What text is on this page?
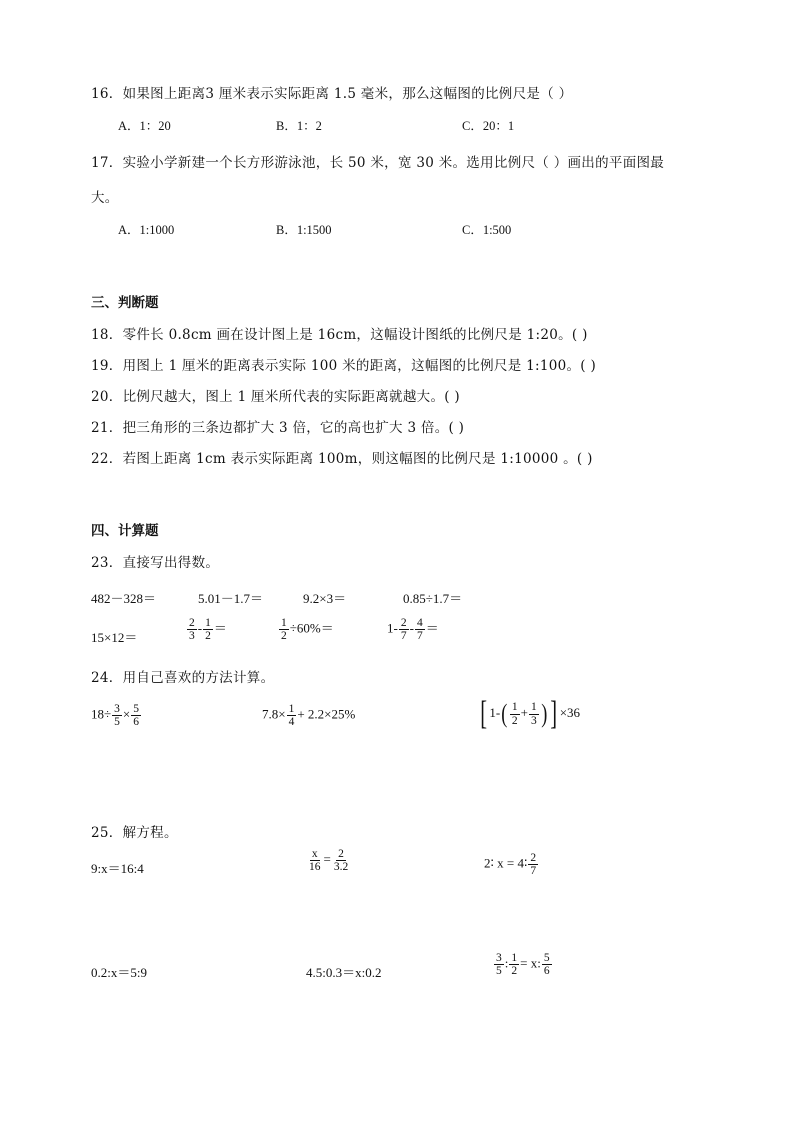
16．如果图上距离3 厘米表示实际距离 1.5 毫米，那么这幅图的比例尺是（ ）
A．1：20	B．1：2	C．20：1
17．实验小学新建一个长方形游泳池，长 50 米，宽 30 米。选用比例尺（ ）画出的平面图最
大。
A．1:1000	B．1:1500	C．1:500
三、判断题
18．零件长 0.8cm 画在设计图上是 16cm，这幅设计图纸的比例尺是 1:20。( )
19．用图上 1 厘米的距离表示实际 100 米的距离，这幅图的比例尺是 1:100。( )
20．比例尺越大，图上 1 厘米所代表的实际距离就越大。( )
21．把三角形的三条边都扩大 3 倍，它的高也扩大 3 倍。( )
22．若图上距离 1cm 表示实际距离 100m，则这幅图的比例尺是 1:10000 。( )
四、计算题
23．直接写出得数。
482－328＝	5.01－1.7＝	9.2×3＝	0.85÷1.7＝
15×12＝	$\frac{2}{3} - \frac{1}{2}$ ＝	$\frac{1}{2} \div 60\%=$	$1- \frac{2}{7} - \frac{4}{7}$ ＝
24．用自己喜欢的方法计算。
$18\div \frac{3}{5} \times \frac{5}{6}$	$7.8\times \frac{1}{4} + 2.2\times 25\%$	[ $1-( \frac{1}{2} + \frac{1}{3}$ ) ] ×36
25．解方程。
9:x＝16:4	$\frac{x}{16} = \frac{2}{3.2}$	2∶ x = 4∶ $\frac{2}{7}$
0.2:x＝5:9	4.5:0.3＝x:0.2	$\frac{3}{5}$ : $\frac{1}{2} = x$: $\frac{5}{6}$
